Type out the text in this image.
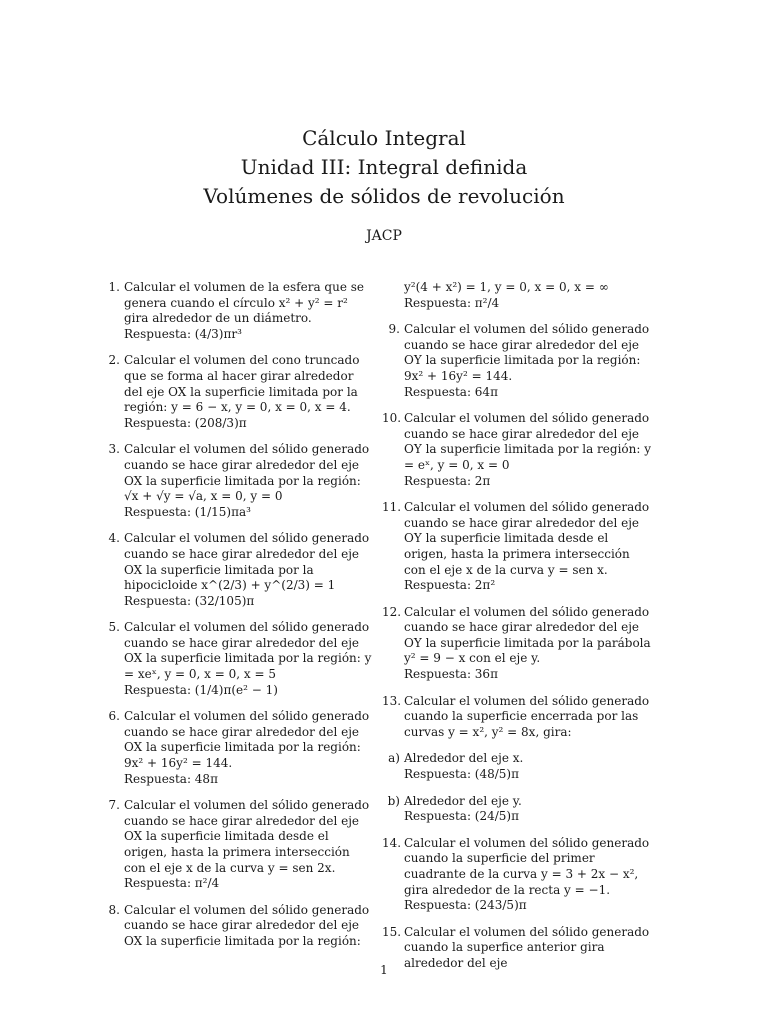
Cálculo Integral
Unidad III: Integral definida
Volúmenes de sólidos de revolución
JACP
1. Calcular el volumen de la esfera que se genera cuando el círculo x² + y² = r² gira alrededor de un diámetro.
Respuesta: (4/3)πr³
2. Calcular el volumen del cono truncado que se forma al hacer girar alrededor del eje OX la superficie limitada por la región: y = 6 − x, y = 0, x = 0, x = 4.
Respuesta: (208/3)π
3. Calcular el volumen del sólido generado cuando se hace girar alrededor del eje OX la superficie limitada por la región: √x + √y = √a, x = 0, y = 0
Respuesta: (1/15)πa³
4. Calcular el volumen del sólido generado cuando se hace girar alrededor del eje OX la superficie limitada por la hipocicloide x^(2/3) + y^(2/3) = 1
Respuesta: (32/105)π
5. Calcular el volumen del sólido generado cuando se hace girar alrededor del eje OX la superficie limitada por la región: y = xeˣ, y = 0, x = 0, x = 5
Respuesta: (1/4)π(e² − 1)
6. Calcular el volumen del sólido generado cuando se hace girar alrededor del eje OX la superficie limitada por la región: 9x² + 16y² = 144.
Respuesta: 48π
7. Calcular el volumen del sólido generado cuando se hace girar alrededor del eje OX la superficie limitada desde el origen, hasta la primera intersección con el eje x de la curva y = sen 2x.
Respuesta: π²/4
8. Calcular el volumen del sólido generado cuando se hace girar alrededor del eje OX la superficie limitada por la región:
y²(4 + x²) = 1, y = 0, x = 0, x = ∞
Respuesta: π²/4
9. Calcular el volumen del sólido generado cuando se hace girar alrededor del eje OY la superficie limitada por la región: 9x² + 16y² = 144.
Respuesta: 64π
10. Calcular el volumen del sólido generado cuando se hace girar alrededor del eje OY la superficie limitada por la región: y = eˣ, y = 0, x = 0
Respuesta: 2π
11. Calcular el volumen del sólido generado cuando se hace girar alrededor del eje OY la superficie limitada desde el origen, hasta la primera intersección con el eje x de la curva y = sen x.
Respuesta: 2π²
12. Calcular el volumen del sólido generado cuando se hace girar alrededor del eje OY la superficie limitada por la parábola y² = 9 − x con el eje y.
Respuesta: 36π
13. Calcular el volumen del sólido generado cuando la superficie encerrada por las curvas y = x², y² = 8x, gira:
a) Alrededor del eje x.
Respuesta: (48/5)π
b) Alrededor del eje y.
Respuesta: (24/5)π
14. Calcular el volumen del sólido generado cuando la superficie del primer cuadrante de la curva y = 3 + 2x − x², gira alrededor de la recta y = −1.
Respuesta: (243/5)π
15. Calcular el volumen del sólido generado cuando la superfice anterior gira alrededor del eje
1
